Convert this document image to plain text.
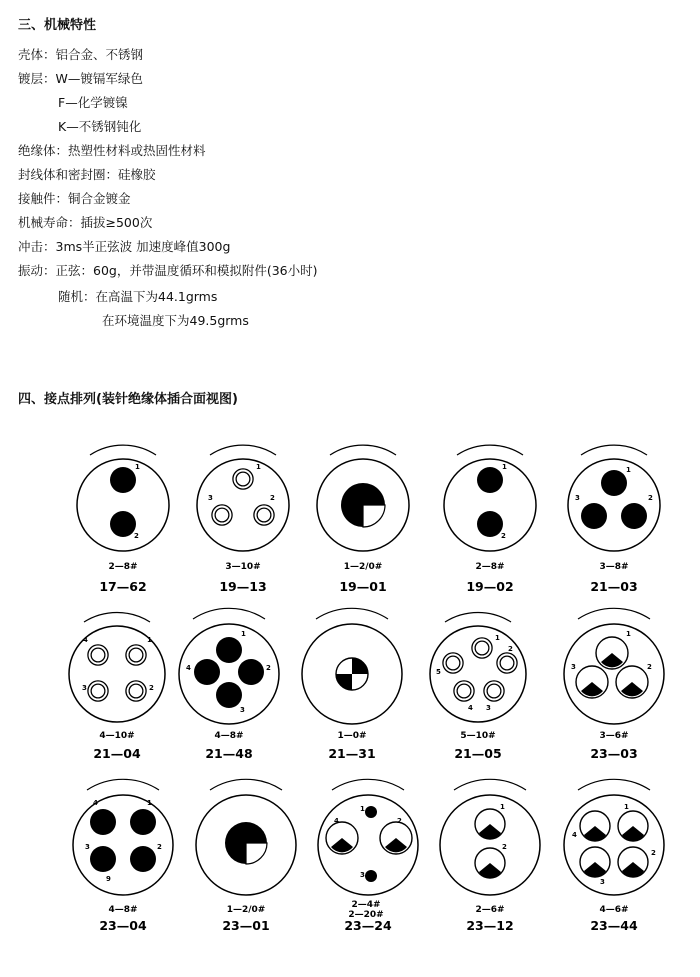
三、机械特性
壳体：铝合金、不锈钢
镀层：W—镀镉军绿色
F—化学镀镍
K—不锈钢钝化
绝缘体：热塑性材料或热固性材料
封线体和密封圈：硅橡胶
接触件：铜合金镀金
机械寿命：插拔≥500次
冲击：3ms半正弦波 加速度峰值300g
振动：正弦：60g，并带温度循环和模拟附件(36小时)
随机：在高温下为44.1grms
在环境温度下为49.5grms
四、接点排列(装针绝缘体插合面视图)
1
2
2—8#
17—62
1
3	2
3—10#
19—13
1—2/0#
19—01
1
2
2—8#
19—02
1
3	2
3—8#
21—03
4	1
3	2
4—10#
21—04
1
4	2
3
4—8#
21—48
1—0#
21—31
1
5
2
4 3
5—10#
21—05
1
3	2
3—6#
23—03
4	1
3	2
9
4—8#
23—04
1—2/0#
23—01
1
4	2
3
2—4#
2—20#
23—24
1
2
2—6#
23—12
1
4
2
3
4—6#
23—44
